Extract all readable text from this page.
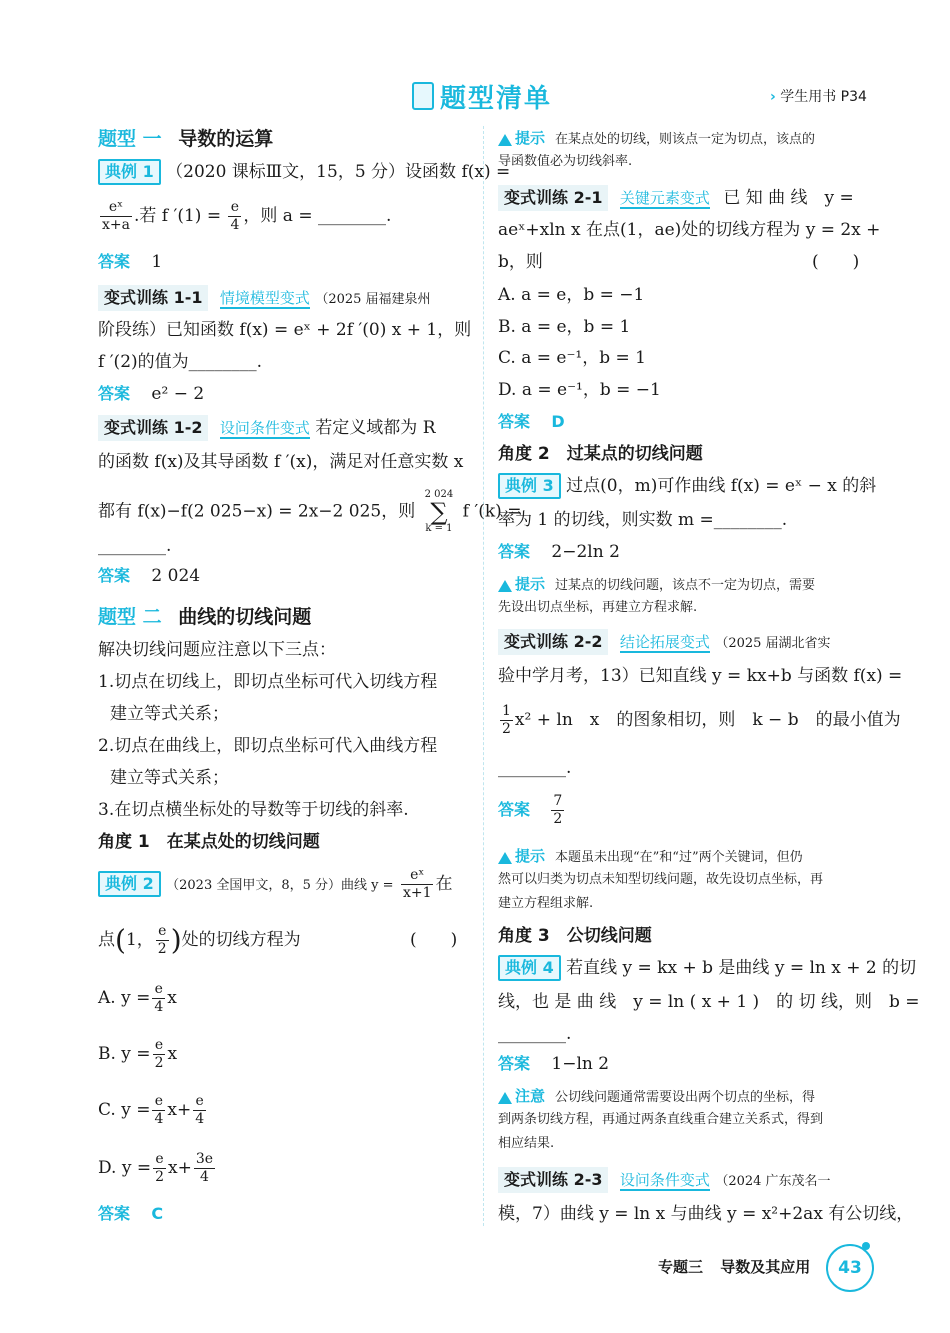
题型清单	› 学生用书 P34
题型 一 导数的运算
典例 1 （2020 课标Ⅲ文，15，5 分）设函数 f(x) =
$\frac{\text{eˣ}}{x+a}$ .若 f $'(1) = \frac{e}{4}$ ，则 a = ________.
答案 1
变式训练 1-1 情境模型变式 （2025 届福建泉州
阶段练）已知函数 f(x) = eˣ + 2f ′(0) x + 1，则
f ′(2)的值为________.
答案 e² − 2
变式训练 1-2 设问条件变式 若定义域都为 R
的函数 f(x)及其导函数 f ′(x)，满足对任意实数 x
都有 f(x)−f(2 025−x) = 2x−2 025，则
2 024
∑
k = 1
f ′(k) =
________.
答案 2 024
题型 二 曲线的切线问题
解决切线问题应注意以下三点：
1.切点在切线上，即切点坐标可代入切线方程
建立等式关系；
2.切点在曲线上，即切点坐标可代入曲线方程
建立等式关系；
3.在切点横坐标处的导数等于切线的斜率.
角度 1　在某点处的切线问题
典例 2 （2023 全国甲文，8，5 分）曲线 $y = \frac{\text{eˣ}}{x+1}$ 在
点(1， $\frac{e}{2}$ )处的切线方程为	(　　)
A. $y = \frac{e}{4}$ x
B. $y = \frac{e}{2}$ x
C. $y = \frac{e}{4} x+ \frac{e}{4}$
D. $y = \frac{e}{2} x+ \frac{3e}{4}$
答案 C
提示 在某点处的切线，则该点一定为切点，该点的
导函数值必为切线斜率.
变式训练 2-1 关键元素变式 已 知 曲 线　y =
aeˣ+xln x 在点(1，ae)处的切线方程为 y = 2x +
b，则	(　　)
A. a = e，b = −1
B. a = e，b = 1
C. a = e⁻¹，b = 1
D. a = e⁻¹，b = −1
答案 D
角度 2　过某点的切线问题
典例 3 过点(0，m)可作曲线 f(x) = eˣ − x 的斜
率为 1 的切线，则实数 m =________.
答案 2−2ln 2
提示 过某点的切线问题，该点不一定为切点，需要
先设出切点坐标，再建立方程求解.
变式训练 2-2 结论拓展变式 （2025 届湖北省实
验中学月考，13）已知直线 y = kx+b 与函数 f(x) =
$\frac{1}{2} x^2 + \ln$　x　的图象相切，则　k − b　的最小值为
________.
答案 $\frac{7}{2}$
提示 本题虽未出现“在”和“过”两个关键词，但仍
然可以归类为切点未知型切线问题，故先设切点坐标，再
建立方程组求解.
角度 3　公切线问题
典例 4 若直线 y = kx + b 是曲线 y = ln x + 2 的切
线，也 是 曲 线　y = ln ( x + 1 )　的 切 线，则　b =
________.
答案 1−ln 2
注意 公切线问题通常需要设出两个切点的坐标，得
到两条切线方程，再通过两条直线重合建立关系式，得到
相应结果.
变式训练 2-3 设问条件变式 （2024 广东茂名一
模，7）曲线 y = ln x 与曲线 y = x²+2ax 有公切线，
专题三 导数及其应用	43
